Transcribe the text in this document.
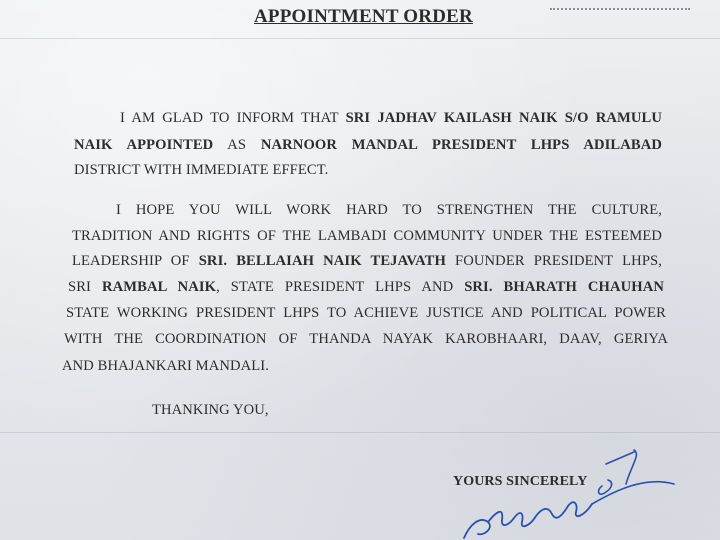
APPOINTMENT ORDER
I AM GLAD TO INFORM THAT SRI JADHAV KAILASH NAIK S/O RAMULU
NAIK APPOINTED AS NARNOOR MANDAL PRESIDENT LHPS ADILABAD
DISTRICT WITH IMMEDIATE EFFECT.
I HOPE YOU WILL WORK HARD TO STRENGTHEN THE CULTURE,
TRADITION AND RIGHTS OF THE LAMBADI COMMUNITY UNDER THE ESTEEMED
LEADERSHIP OF SRI. BELLAIAH NAIK TEJAVATH FOUNDER PRESIDENT LHPS,
SRI RAMBAL NAIK, STATE PRESIDENT LHPS AND SRI. BHARATH CHAUHAN
STATE WORKING PRESIDENT LHPS TO ACHIEVE JUSTICE AND POLITICAL POWER
WITH THE COORDINATION OF THANDA NAYAK KAROBHAARI, DAAV, GERIYA
AND BHAJANKARI MANDALI.
THANKING YOU,
YOURS SINCERELY
